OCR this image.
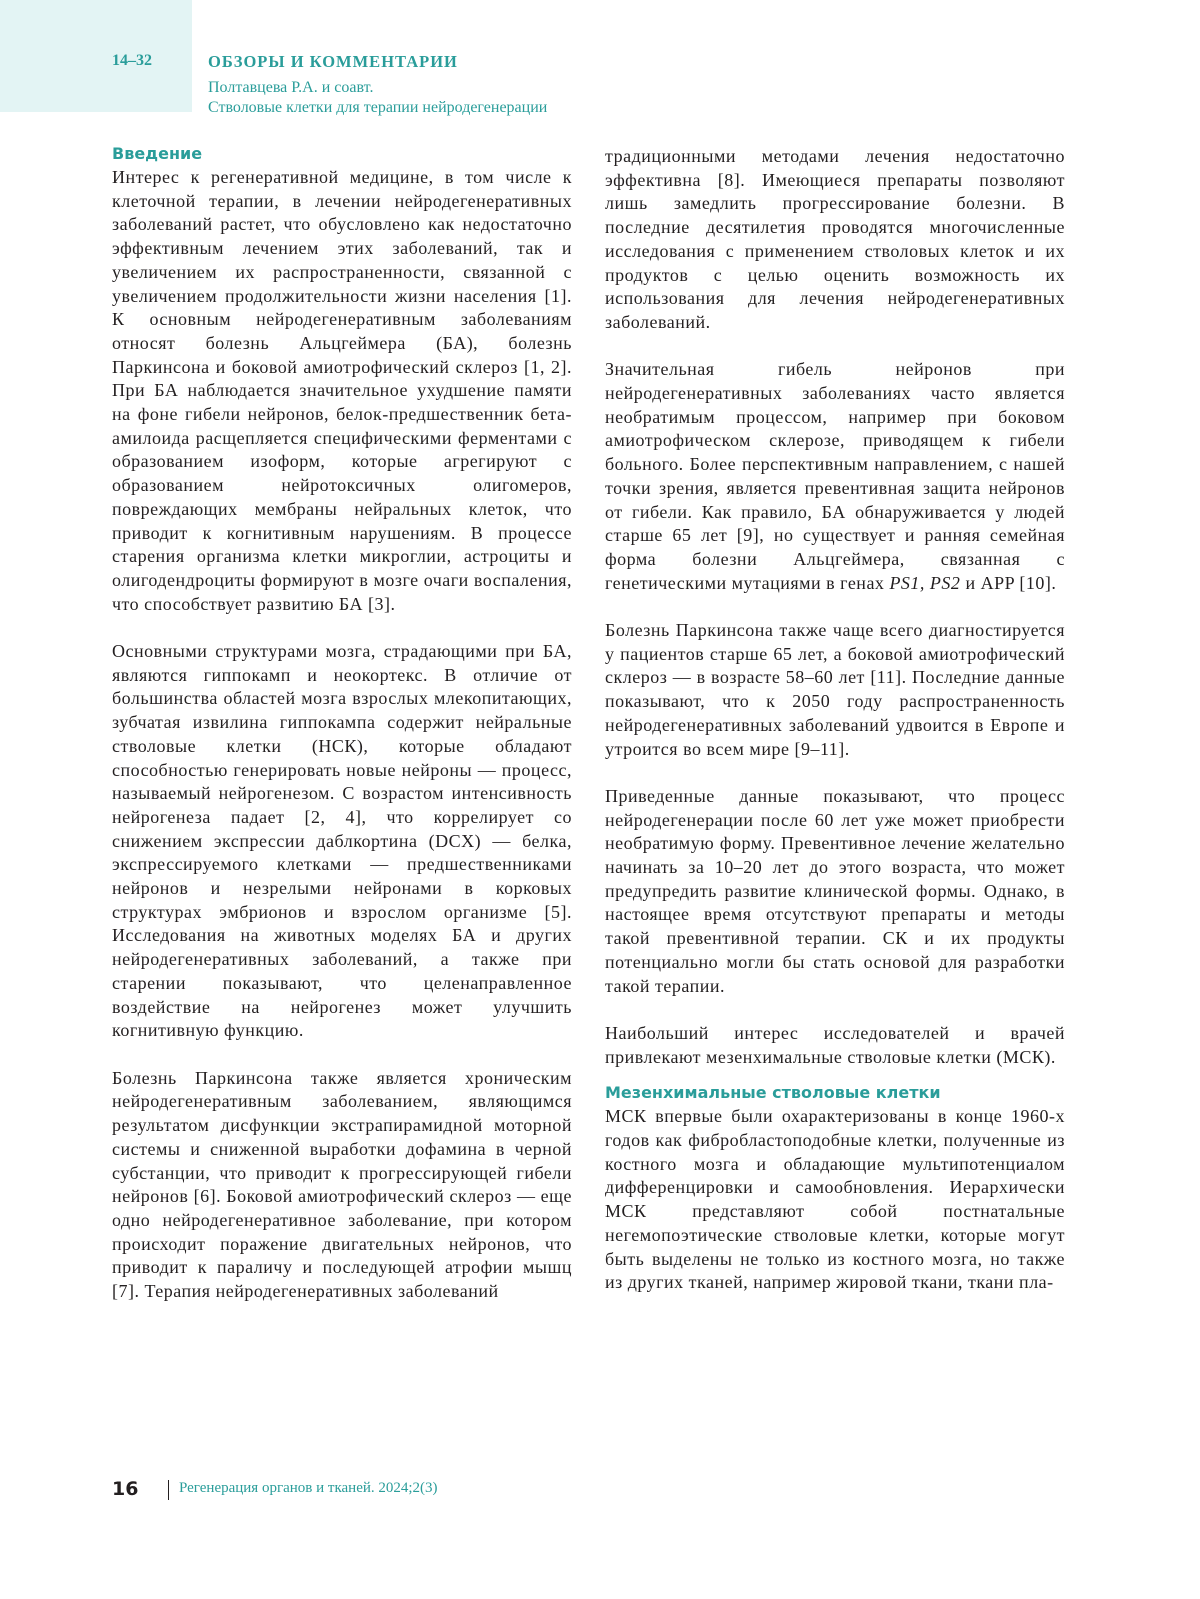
14–32	ОБЗОРЫ И КОММЕНТАРИИ
Полтавцева Р.А. и соавт.
Стволовые клетки для терапии нейродегенерации
Введение

Интерес к регенеративной медицине, в том числе к клеточной терапии, в лечении нейродегенеративных заболеваний растет, что обусловлено как недостаточно эффективным лечением этих заболеваний, так и увеличением их распространенности, связанной с увеличением продолжительности жизни населения [1]. К основным нейродегенеративным заболеваниям относят болезнь Альцгеймера (БА), болезнь Паркинсона и боковой амиотрофический склероз [1, 2]. При БА наблюдается значительное ухудшение памяти на фоне гибели нейронов, белок-предшественник бета-амилоида расщепляется специфическими ферментами с образованием изоформ, которые агрегируют с образованием нейротоксичных олигомеров, повреждающих мембраны нейральных клеток, что приводит к когнитивным нарушениям. В процессе старения организма клетки микроглии, астроциты и олигодендроциты формируют в мозге очаги воспаления, что способствует развитию БА [3].

Основными структурами мозга, страдающими при БА, являются гиппокамп и неокортекс. В отличие от большинства областей мозга взрослых млекопитающих, зубчатая извилина гиппокампа содержит нейральные стволовые клетки (НСК), которые обладают способностью генерировать новые нейроны — процесс, называемый нейрогенезом. С возрастом интенсивность нейрогенеза падает [2, 4], что коррелирует со снижением экспрессии даблкортина (DCX) — белка, экспрессируемого клетками — предшественниками нейронов и незрелыми нейронами в корковых структурах эмбрионов и взрослом организме [5]. Исследования на животных моделях БА и других нейродегенеративных заболеваний, а также при старении показывают, что целенаправленное воздействие на нейрогенез может улучшить когнитивную функцию.

Болезнь Паркинсона также является хроническим нейродегенеративным заболеванием, являющимся результатом дисфункции экстрапирамидной моторной системы и сниженной выработки дофамина в черной субстанции, что приводит к прогрессирующей гибели нейронов [6]. Боковой амиотрофический склероз — еще одно нейродегенеративное заболевание, при котором происходит поражение двигательных нейронов, что приводит к параличу и последующей атрофии мышц [7]. Терапия нейродегенеративных заболеваний

традиционными методами лечения недостаточно эффективна [8]. Имеющиеся препараты позволяют лишь замедлить прогрессирование болезни. В последние десятилетия проводятся многочисленные исследования с применением стволовых клеток и их продуктов с целью оценить возможность их использования для лечения нейродегенеративных заболеваний.

Значительная гибель нейронов при нейродегенеративных заболеваниях часто является необратимым процессом, например при боковом амиотрофическом склерозе, приводящем к гибели больного. Более перспективным направлением, с нашей точки зрения, является превентивная защита нейронов от гибели. Как правило, БА обнаруживается у людей старше 65 лет [9], но существует и ранняя семейная форма болезни Альцгеймера, связанная с генетическими мутациями в генах PS1, PS2 и APP [10].

Болезнь Паркинсона также чаще всего диагностируется у пациентов старше 65 лет, а боковой амиотрофический склероз — в возрасте 58–60 лет [11]. Последние данные показывают, что к 2050 году распространенность нейродегенеративных заболеваний удвоится в Европе и утроится во всем мире [9–11].

Приведенные данные показывают, что процесс нейродегенерации после 60 лет уже может приобрести необратимую форму. Превентивное лечение желательно начинать за 10–20 лет до этого возраста, что может предупредить развитие клинической формы. Однако, в настоящее время отсутствуют препараты и методы такой превентивной терапии. СК и их продукты потенциально могли бы стать основой для разработки такой терапии.

Наибольший интерес исследователей и врачей привлекают мезенхимальные стволовые клетки (МСК).

Мезенхимальные стволовые клетки

МСК впервые были охарактеризованы в конце 1960-х годов как фибробластоподобные клетки, полученные из костного мозга и обладающие мультипотенциалом дифференцировки и самообновления. Иерархически МСК представляют собой постнатальные негемопоэтические стволовые клетки, которые могут быть выделены не только из костного мозга, но также из других тканей, например жировой ткани, ткани пла-

16	Регенерация органов и тканей. 2024;2(3)
